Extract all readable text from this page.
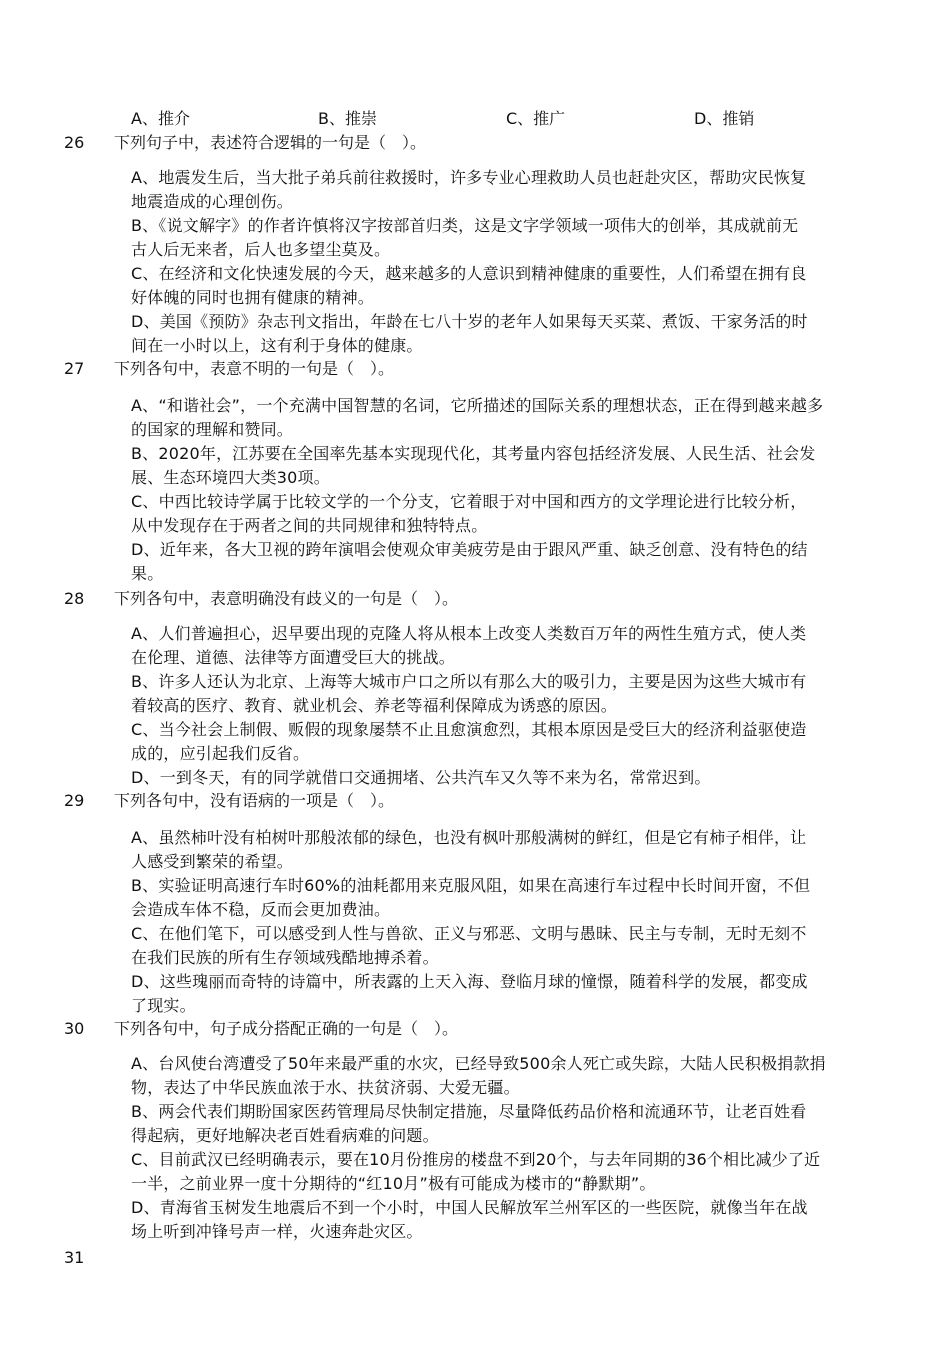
A、推介	B、推崇	C、推广	D、推销
26 下列句子中，表述符合逻辑的一句是（　）。
A、地震发生后，当大批子弟兵前往救援时，许多专业心理救助人员也赶赴灾区，帮助灾民恢复
地震造成的心理创伤。
B、《说文解字》的作者许慎将汉字按部首归类，这是文字学领域一项伟大的创举，其成就前无
古人后无来者，后人也多望尘莫及。
C、在经济和文化快速发展的今天，越来越多的人意识到精神健康的重要性，人们希望在拥有良
好体魄的同时也拥有健康的精神。
D、美国《预防》杂志刊文指出，年龄在七八十岁的老年人如果每天买菜、煮饭、干家务活的时
间在一小时以上，这有利于身体的健康。
27 下列各句中，表意不明的一句是（　）。
A、“和谐社会”，一个充满中国智慧的名词，它所描述的国际关系的理想状态，正在得到越来越多
的国家的理解和赞同。
B、2020年，江苏要在全国率先基本实现现代化，其考量内容包括经济发展、人民生活、社会发
展、生态环境四大类30项。
C、中西比较诗学属于比较文学的一个分支，它着眼于对中国和西方的文学理论进行比较分析，
从中发现存在于两者之间的共同规律和独特特点。
D、近年来，各大卫视的跨年演唱会使观众审美疲劳是由于跟风严重、缺乏创意、没有特色的结
果。
28 下列各句中，表意明确没有歧义的一句是（　）。
A、人们普遍担心，迟早要出现的克隆人将从根本上改变人类数百万年的两性生殖方式，使人类
在伦理、道德、法律等方面遭受巨大的挑战。
B、许多人还认为北京、上海等大城市户口之所以有那么大的吸引力，主要是因为这些大城市有
着较高的医疗、教育、就业机会、养老等福利保障成为诱惑的原因。
C、当今社会上制假、贩假的现象屡禁不止且愈演愈烈，其根本原因是受巨大的经济利益驱使造
成的，应引起我们反省。
D、一到冬天，有的同学就借口交通拥堵、公共汽车又久等不来为名，常常迟到。
29 下列各句中，没有语病的一项是（　）。
A、虽然柿叶没有柏树叶那般浓郁的绿色，也没有枫叶那般满树的鲜红，但是它有柿子相伴，让
人感受到繁荣的希望。
B、实验证明高速行车时60%的油耗都用来克服风阻，如果在高速行车过程中长时间开窗，不但
会造成车体不稳，反而会更加费油。
C、在他们笔下，可以感受到人性与兽欲、正义与邪恶、文明与愚昧、民主与专制，无时无刻不
在我们民族的所有生存领域残酷地搏杀着。
D、这些瑰丽而奇特的诗篇中，所表露的上天入海、登临月球的憧憬，随着科学的发展，都变成
了现实。
30 下列各句中，句子成分搭配正确的一句是（　）。
A、台风使台湾遭受了50年来最严重的水灾，已经导致500余人死亡或失踪，大陆人民积极捐款捐
物，表达了中华民族血浓于水、扶贫济弱、大爱无疆。
B、两会代表们期盼国家医药管理局尽快制定措施，尽量降低药品价格和流通环节，让老百姓看
得起病，更好地解决老百姓看病难的问题。
C、目前武汉已经明确表示，要在10月份推房的楼盘不到20个，与去年同期的36个相比减少了近
一半，之前业界一度十分期待的“红10月”极有可能成为楼市的“静默期”。
D、青海省玉树发生地震后不到一个小时，中国人民解放军兰州军区的一些医院，就像当年在战
场上听到冲锋号声一样，火速奔赴灾区。
31
